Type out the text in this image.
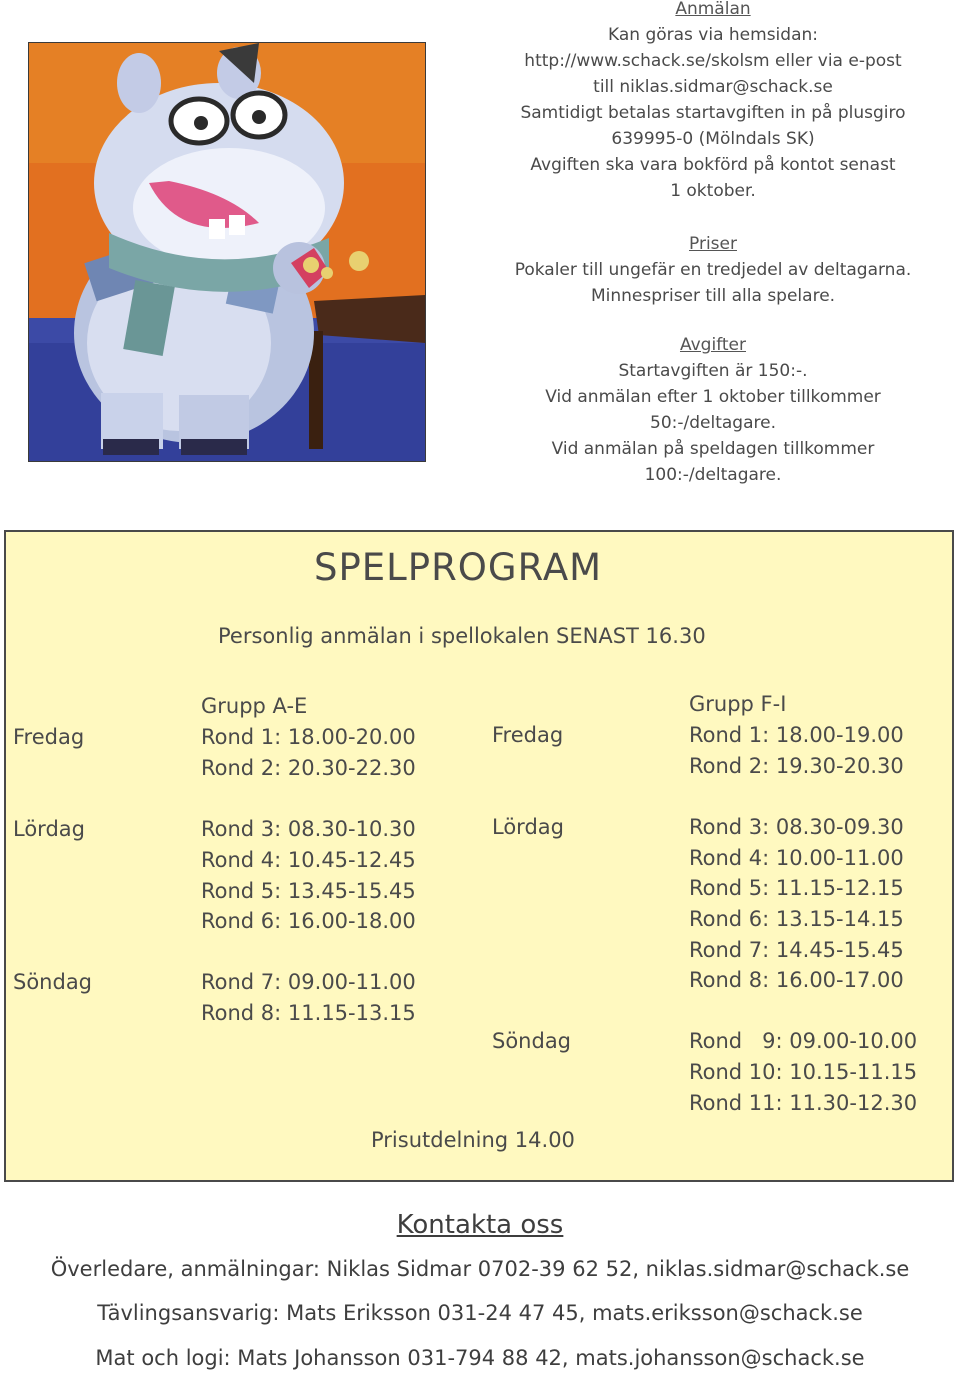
Anmälan
Kan göras via hemsidan:
http://www.schack.se/skolsm eller via e-post
till niklas.sidmar@schack.se
Samtidigt betalas startavgiften in på plusgiro
639995-0 (Mölndals SK)
Avgiften ska vara bokförd på kontot senast
1 oktober.
Priser
Pokaler till ungefär en tredjedel av deltagarna.
Minnespriser till alla spelare.
Avgifter
Startavgiften är 150:-.
Vid anmälan efter 1 oktober tillkommer
50:-/deltagare.
Vid anmälan på speldagen tillkommer
100:-/deltagare.
SPELPROGRAM
Personlig anmälan i spellokalen SENAST 16.30
Grupp A-E
Fredag	Rond 1: 18.00-20.00
Rond 2: 20.30-22.30
Lördag	Rond 3: 08.30-10.30
Rond 4: 10.45-12.45
Rond 5: 13.45-15.45
Rond 6: 16.00-18.00
Söndag	Rond 7: 09.00-11.00
Rond 8: 11.15-13.15
Grupp F-I
Fredag	Rond 1: 18.00-19.00
Rond 2: 19.30-20.30
Lördag	Rond 3: 08.30-09.30
Rond 4: 10.00-11.00
Rond 5: 11.15-12.15
Rond 6: 13.15-14.15
Rond 7: 14.45-15.45
Rond 8: 16.00-17.00
Söndag	Rond   9: 09.00-10.00
Rond 10: 10.15-11.15
Rond 11: 11.30-12.30
Prisutdelning 14.00
Kontakta oss
Överledare, anmälningar: Niklas Sidmar 0702-39 62 52, niklas.sidmar@schack.se
Tävlingsansvarig: Mats Eriksson 031-24 47 45, mats.eriksson@schack.se
Mat och logi: Mats Johansson 031-794 88 42, mats.johansson@schack.se
